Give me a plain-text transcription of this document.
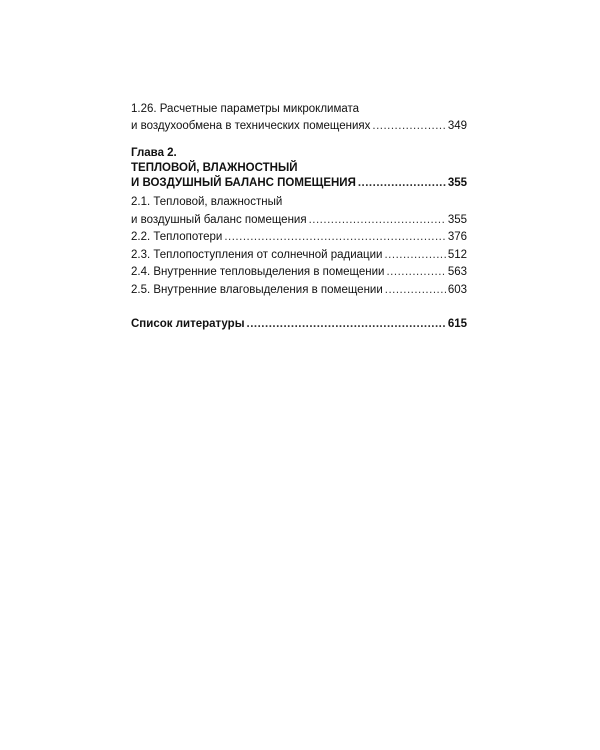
1.26. Расчетные параметры микроклимата
и воздухообмена в технических помещениях .....	349
Глава 2.
ТЕПЛОВОЙ, ВЛАЖНОСТНЫЙ
И ВОЗДУШНЫЙ БАЛАНС ПОМЕЩЕНИЯ .....	355
2.1. Тепловой, влажностный
и воздушный баланс помещения .....	355
2.2. Теплопотери .....	376
2.3. Теплопоступления от солнечной радиации .....	512
2.4. Внутренние тепловыделения в помещении .....	563
2.5. Внутренние влаговыделения в помещении .....	603
Список литературы .....	615
